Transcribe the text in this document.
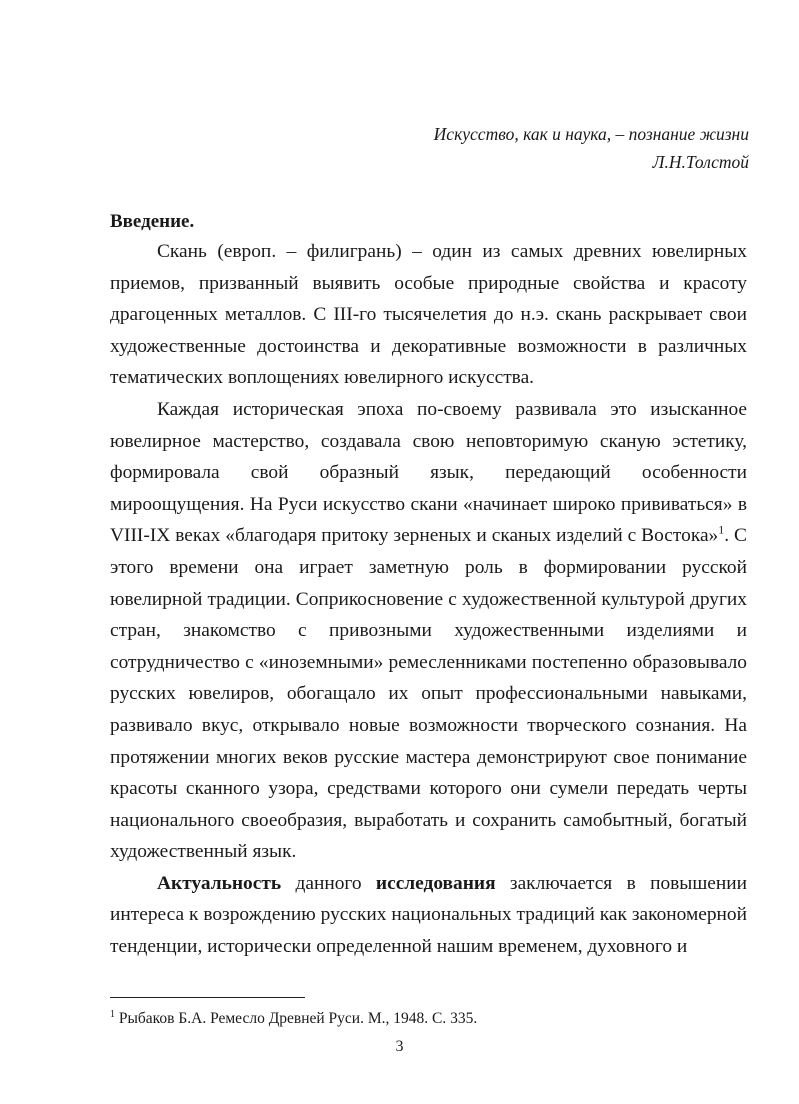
Искусство, как и наука, – познание жизни
Л.Н.Толстой
Введение.

Скань (европ. – филигрань) – один из самых древних ювелирных приемов, призванный выявить особые природные свойства и красоту драгоценных металлов. С III-го тысячелетия до н.э. скань раскрывает свои художественные достоинства и декоративные возможности в различных тематических воплощениях ювелирного искусства.

Каждая историческая эпоха по-своему развивала это изысканное ювелирное мастерство, создавала свою неповторимую сканую эстетику, формировала свой образный язык, передающий особенности мироощущения. На Руси искусство скани «начинает широко прививаться» в VIII-IX веках «благодаря притоку зерненых и сканых изделий с Востока»$^1$. С этого времени она играет заметную роль в формировании русской ювелирной традиции. Соприкосновение с художественной культурой других стран, знакомство с привозными художественными изделиями и сотрудничество с «иноземными» ремесленниками постепенно образовывало русских ювелиров, обогащало их опыт профессиональными навыками, развивало вкус, открывало новые возможности творческого сознания. На протяжении многих веков русские мастера демонстрируют свое понимание красоты сканного узора, средствами которого они сумели передать черты национального своеобразия, выработать и сохранить самобытный, богатый художественный язык.

Актуальность данного исследования заключается в повышении интереса к возрождению русских национальных традиций как закономерной тенденции, исторически определенной нашим временем, духовного и

$^1$ Рыбаков Б.А. Ремесло Древней Руси. М., 1948. С. 335.
3
